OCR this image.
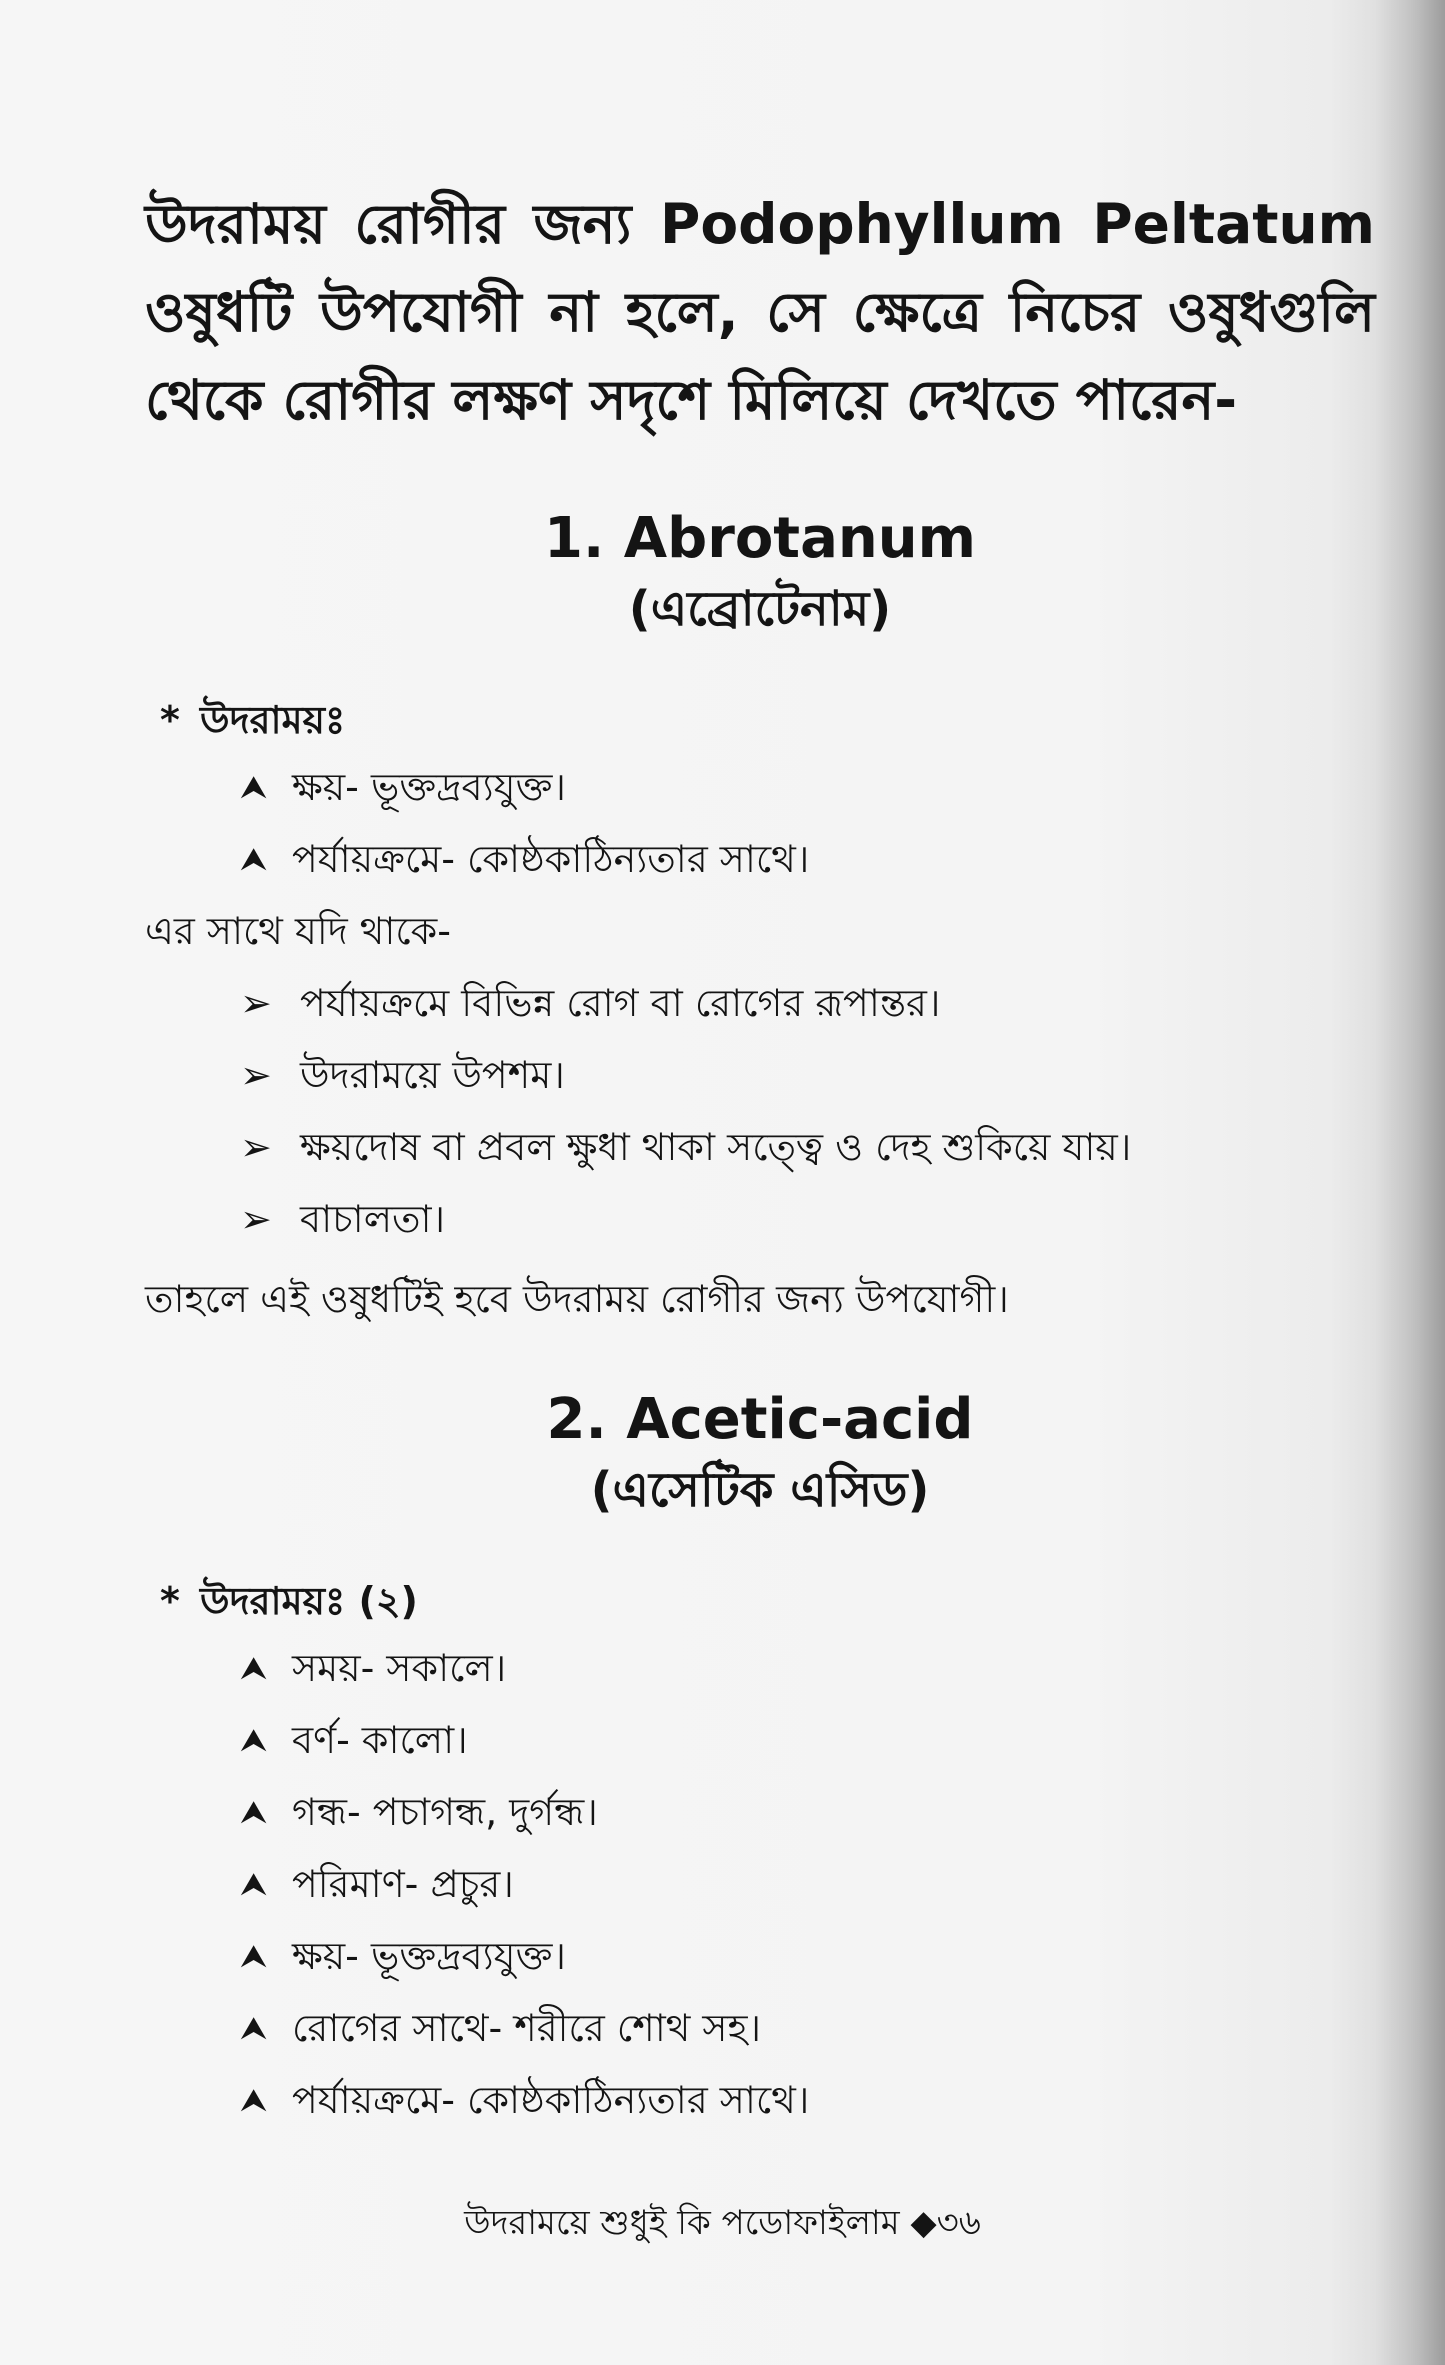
উদরাময় রোগীর জন্য Podophyllum Peltatum ওষুধটি উপযোগী না হলে, সে ক্ষেত্রে নিচের ওষুধগুলি থেকে রোগীর লক্ষণ সদৃশে মিলিয়ে দেখতে পারেন-

1. Abrotanum

(এব্রোটেনাম)

* উদরাময়ঃ

⮝ ক্ষয়- ভূক্তদ্রব্যযুক্ত।
⮝ পর্যায়ক্রমে- কোষ্ঠকাঠিন্যতার সাথে।

এর সাথে যদি থাকে-

➢ পর্যায়ক্রমে বিভিন্ন রোগ বা রোগের রূপান্তর।
➢ উদরাময়ে উপশম।
➢ ক্ষয়দোষ বা প্রবল ক্ষুধা থাকা সত্ত্বে ও দেহ শুকিয়ে যায়।
➢ বাচালতা।

তাহলে এই ওষুধটিই হবে উদরাময় রোগীর জন্য উপযোগী।

2. Acetic-acid

(এসেটিক এসিড)

* উদরাময়ঃ (২)

⮝ সময়- সকালে।
⮝ বর্ণ- কালো।
⮝ গন্ধ- পচাগন্ধ, দুর্গন্ধ।
⮝ পরিমাণ- প্রচুর।
⮝ ক্ষয়- ভূক্তদ্রব্যযুক্ত।
⮝ রোগের সাথে- শরীরে শোথ সহ।
⮝ পর্যায়ক্রমে- কোষ্ঠকাঠিন্যতার সাথে।
উদরাময়ে শুধুই কি পডোফাইলাম ◆৩৬
